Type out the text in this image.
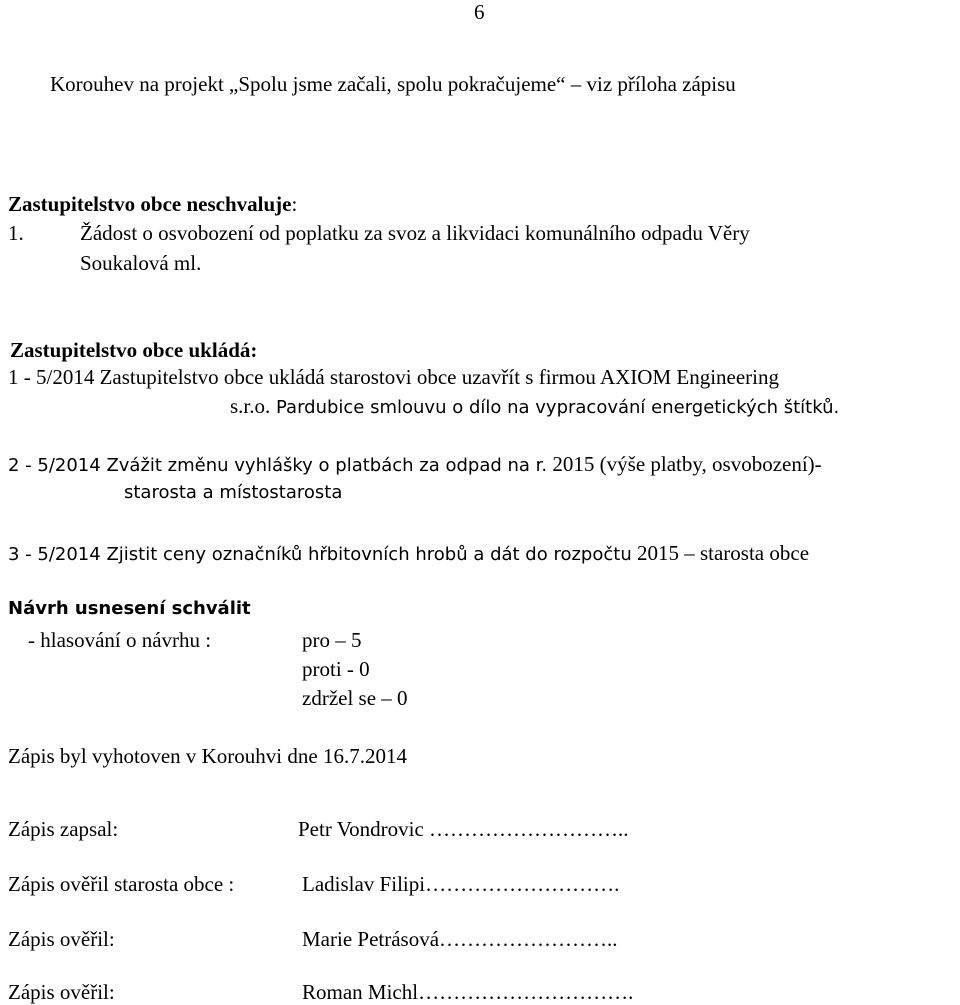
6
Korouhev na projekt „Spolu jsme začali, spolu pokračujeme“ – viz příloha zápisu
Zastupitelstvo obce neschvaluje:
1.	Žádost o osvobození od poplatku za svoz a likvidaci komunálního odpadu Věry
Soukalová ml.
Zastupitelstvo obce ukládá:
1 - 5/2014 Zastupitelstvo obce ukládá starostovi obce uzavřít s firmou AXIOM Engineering
s.r.o. Pardubice smlouvu o dílo na vypracování energetických štítků.
2 - 5/2014 Zvážit změnu vyhlášky o platbách za odpad na r. 2015 (výše platby, osvobození)-
starosta a místostarosta
3 - 5/2014 Zjistit ceny označníků hřbitovních hrobů a dát do rozpočtu 2015 – starosta obce
Návrh usnesení schválit
- hlasování o návrhu :	pro – 5
proti - 0
zdržel se – 0
Zápis byl vyhotoven v Korouhvi dne 16.7.2014
Zápis zapsal:	Petr Vondrovic ………………………..
Zápis ověřil starosta obce :	Ladislav Filipi……………………….
Zápis ověřil:	Marie Petrásová……………………..
Zápis ověřil:	Roman Michl………………………….
